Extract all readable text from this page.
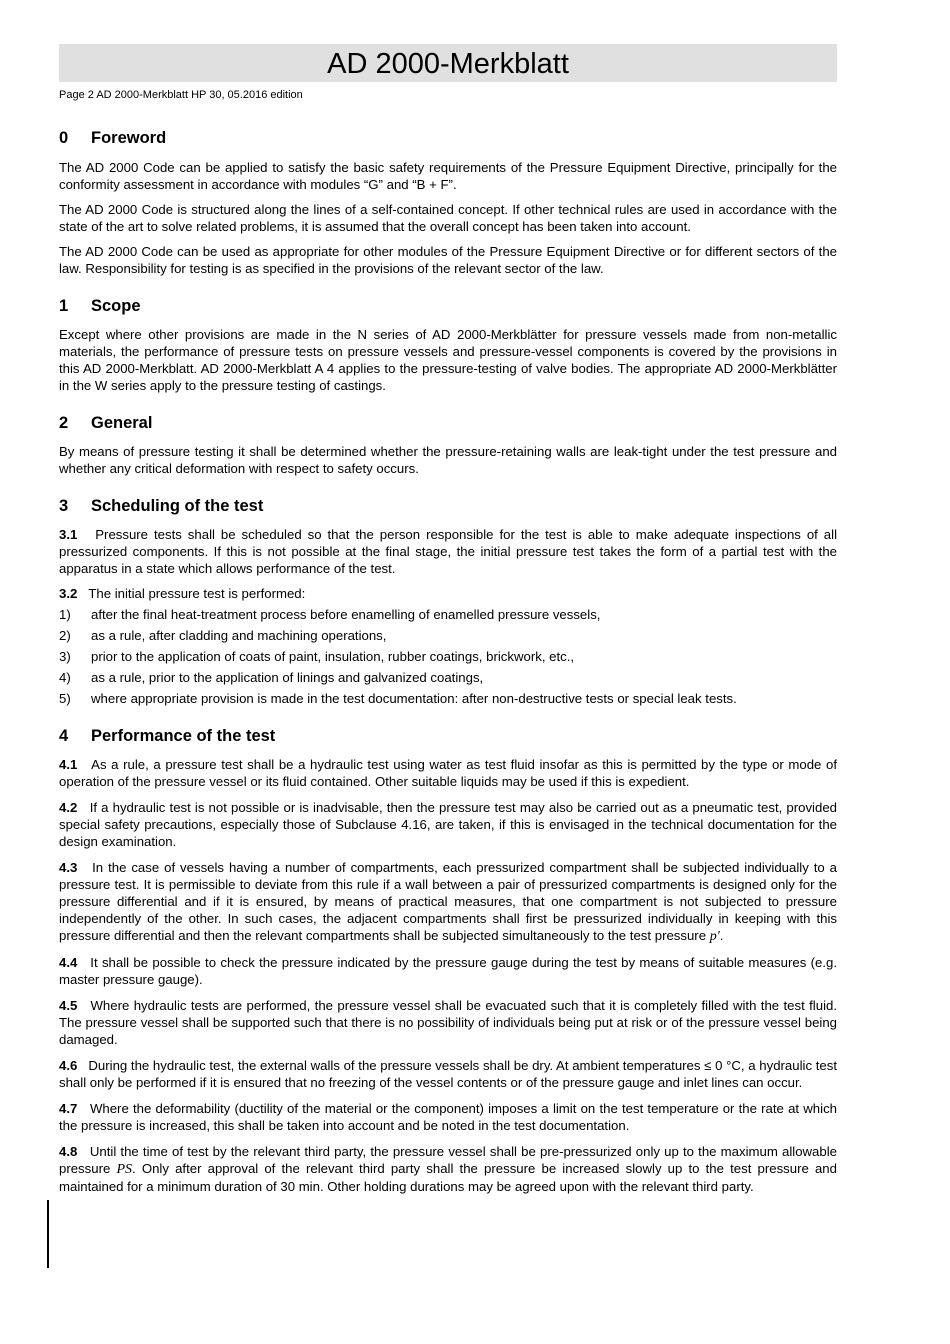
AD 2000-Merkblatt
Page 2 AD 2000-Merkblatt HP 30, 05.2016 edition
0 Foreword

The AD 2000 Code can be applied to satisfy the basic safety requirements of the Pressure Equipment Directive, principally for the conformity assessment in accordance with modules “G” and “B + F”.

The AD 2000 Code is structured along the lines of a self-contained concept. If other technical rules are used in accordance with the state of the art to solve related problems, it is assumed that the overall concept has been taken into account.

The AD 2000 Code can be used as appropriate for other modules of the Pressure Equipment Directive or for different sectors of the law. Responsibility for testing is as specified in the provisions of the relevant sector of the law.

1 Scope

Except where other provisions are made in the N series of AD 2000-Merkblätter for pressure vessels made from non-metallic materials, the performance of pressure tests on pressure vessels and pressure-vessel components is covered by the provisions in this AD 2000-Merkblatt. AD 2000-Merkblatt A 4 applies to the pressure-testing of valve bodies. The appropriate AD 2000-Merkblätter in the W series apply to the pressure testing of castings.

2 General

By means of pressure testing it shall be determined whether the pressure-retaining walls are leak-tight under the test pressure and whether any critical deformation with respect to safety occurs.

3 Scheduling of the test

3.1 Pressure tests shall be scheduled so that the person responsible for the test is able to make adequate inspections of all pressurized components. If this is not possible at the final stage, the initial pressure test takes the form of a partial test with the apparatus in a state which allows performance of the test.

3.2 The initial pressure test is performed:

1) after the final heat-treatment process before enamelling of enamelled pressure vessels,
2) as a rule, after cladding and machining operations,
3) prior to the application of coats of paint, insulation, rubber coatings, brickwork, etc.,
4) as a rule, prior to the application of linings and galvanized coatings,
5) where appropriate provision is made in the test documentation: after non-destructive tests or special leak tests.
4 Performance of the test

4.1 As a rule, a pressure test shall be a hydraulic test using water as test fluid insofar as this is permitted by the type or mode of operation of the pressure vessel or its fluid contained. Other suitable liquids may be used if this is expedient.

4.2 If a hydraulic test is not possible or is inadvisable, then the pressure test may also be carried out as a pneumatic test, provided special safety precautions, especially those of Subclause 4.16, are taken, if this is envisaged in the technical documentation for the design examination.

4.3 In the case of vessels having a number of compartments, each pressurized compartment shall be subjected individually to a pressure test. It is permissible to deviate from this rule if a wall between a pair of pressurized compartments is designed only for the pressure differential and if it is ensured, by means of practical measures, that one compartment is not subjected to pressure independently of the other. In such cases, the adjacent compartments shall first be pressurized individually in keeping with this pressure differential and then the relevant compartments shall be subjected simultaneously to the test pressure p′.

4.4 It shall be possible to check the pressure indicated by the pressure gauge during the test by means of suitable measures (e.g. master pressure gauge).

4.5 Where hydraulic tests are performed, the pressure vessel shall be evacuated such that it is completely filled with the test fluid. The pressure vessel shall be supported such that there is no possibility of individuals being put at risk or of the pressure vessel being damaged.

4.6 During the hydraulic test, the external walls of the pressure vessels shall be dry. At ambient temperatures ≤ 0 °C, a hydraulic test shall only be performed if it is ensured that no freezing of the vessel contents or of the pressure gauge and inlet lines can occur.

4.7 Where the deformability (ductility of the material or the component) imposes a limit on the test temperature or the rate at which the pressure is increased, this shall be taken into account and be noted in the test documentation.

4.8 Until the time of test by the relevant third party, the pressure vessel shall be pre-pressurized only up to the maximum allowable pressure PS. Only after approval of the relevant third party shall the pressure be increased slowly up to the test pressure and maintained for a minimum duration of 30 min. Other holding durations may be agreed upon with the relevant third party.
